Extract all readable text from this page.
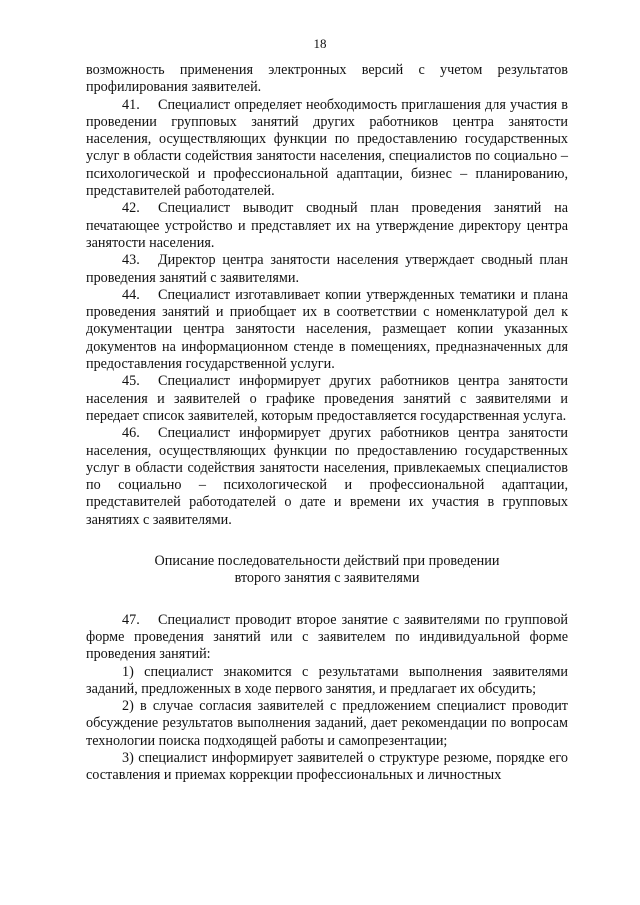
18

возможность применения электронных версий с учетом результатов профилирования заявителей.

41. Специалист определяет необходимость приглашения для участия в проведении групповых занятий других работников центра занятости населения, осуществляющих функции по предоставлению государственных услуг в области содействия занятости населения, специалистов по социально – психологической и профессиональной адаптации, бизнес – планированию, представителей работодателей.

42. Специалист выводит сводный план проведения занятий на печатающее устройство и представляет их на утверждение директору центра занятости населения.

43. Директор центра занятости населения утверждает сводный план проведения занятий с заявителями.

44. Специалист изготавливает копии утвержденных тематики и плана проведения занятий и приобщает их в соответствии с номенклатурой дел к документации центра занятости населения, размещает копии указанных документов на информационном стенде в помещениях, предназначенных для предоставления государственной услуги.

45. Специалист информирует других работников центра занятости населения и заявителей о графике проведения занятий с заявителями и передает список заявителей, которым предоставляется государственная услуга.

46. Специалист информирует других работников центра занятости населения, осуществляющих функции по предоставлению государственных услуг в области содействия занятости населения, привлекаемых специалистов по социально – психологической и профессиональной адаптации, представителей работодателей о дате и времени их участия в групповых занятиях с заявителями.

Описание последовательности действий при проведении
второго занятия с заявителями

47. Специалист проводит второе занятие с заявителями по групповой форме проведения занятий или с заявителем по индивидуальной форме проведения занятий:

1) специалист знакомится с результатами выполнения заявителями заданий, предложенных в ходе первого занятия, и предлагает их обсудить;

2) в случае согласия заявителей с предложением специалист проводит обсуждение результатов выполнения заданий, дает рекомендации по вопросам технологии поиска подходящей работы и самопрезентации;

3) специалист информирует заявителей о структуре резюме, порядке его составления и приемах коррекции профессиональных и личностных
